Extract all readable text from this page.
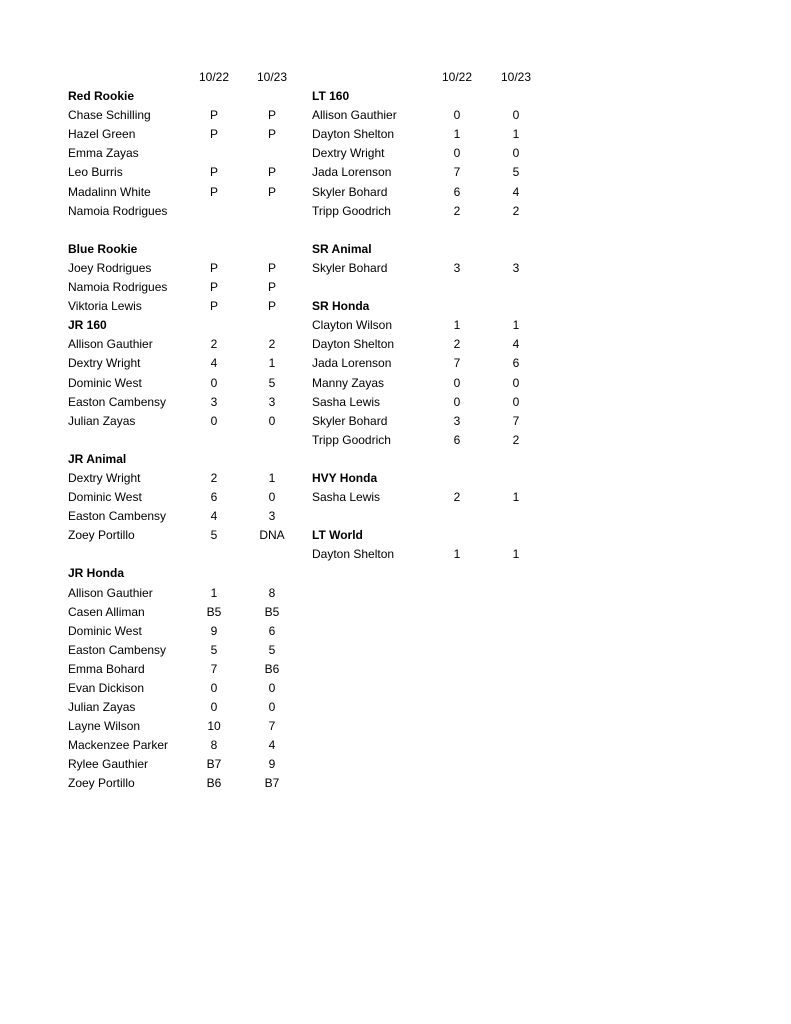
10/22	10/23
Red Rookie
Chase Schilling	P	P
Hazel Green	P	P
Emma Zayas
Leo Burris	P	P
Madalinn White	P	P
Namoia Rodrigues
Blue Rookie
Joey Rodrigues	P	P
Namoia Rodrigues	P	P
Viktoria Lewis	P	P
JR 160
Allison Gauthier	2	2
Dextry Wright	4	1
Dominic West	0	5
Easton Cambensy	3	3
Julian Zayas	0	0
JR Animal
Dextry Wright	2	1
Dominic West	6	0
Easton Cambensy	4	3
Zoey Portillo	5	DNA
JR Honda
Allison Gauthier	1	8
Casen Alliman	B5	B5
Dominic West	9	6
Easton Cambensy	5	5
Emma Bohard	7	B6
Evan Dickison	0	0
Julian Zayas	0	0
Layne Wilson	10	7
Mackenzee Parker	8	4
Rylee Gauthier	B7	9
Zoey Portillo	B6	B7
10/22	10/23
LT 160
Allison Gauthier	0	0
Dayton Shelton	1	1
Dextry Wright	0	0
Jada Lorenson	7	5
Skyler Bohard	6	4
Tripp Goodrich	2	2
SR Animal
Skyler Bohard	3	3
SR Honda
Clayton Wilson	1	1
Dayton Shelton	2	4
Jada Lorenson	7	6
Manny Zayas	0	0
Sasha Lewis	0	0
Skyler Bohard	3	7
Tripp Goodrich	6	2
HVY Honda
Sasha Lewis	2	1
LT World
Dayton Shelton	1	1
